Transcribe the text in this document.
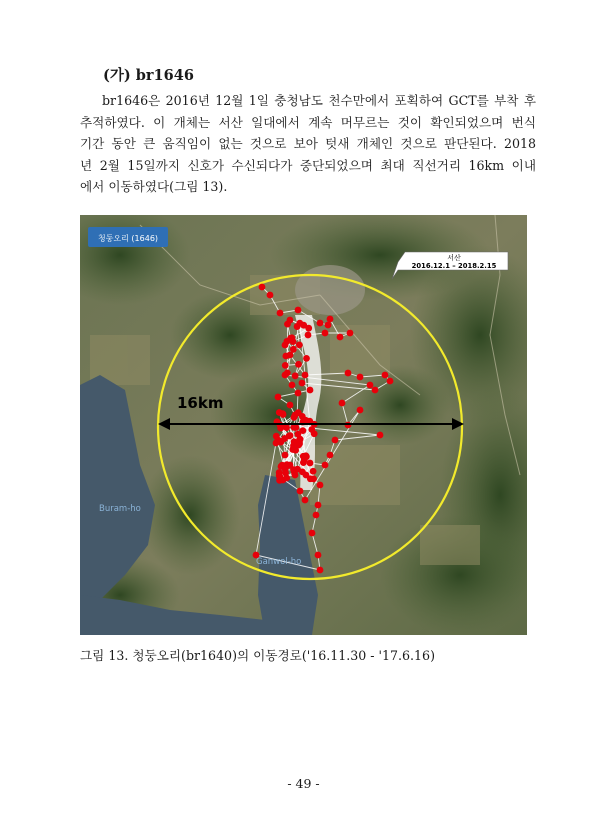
(가) br1646
br1646은 2016년 12월 1일 충청남도 천수만에서 포획하여 GCT를 부착 후
추적하였다. 이 개체는 서산 일대에서 계속 머무르는 것이 확인되었으며 번식
기간 동안 큰 움직임이 없는 것으로 보아 텃새 개체인 것으로 판단된다. 2018
년 2월 15일까지 신호가 수신되다가 중단되었으며 최대 직선거리 16km 이내
에서 이동하였다(그림 13).
16km
청둥오리 (1646)
서산
2016.12.1 – 2018.2.15
Buram-ho
Ganwol-ho
그림 13. 청둥오리(br1640)의 이동경로('16.11.30 - '17.6.16)
- 49 -
